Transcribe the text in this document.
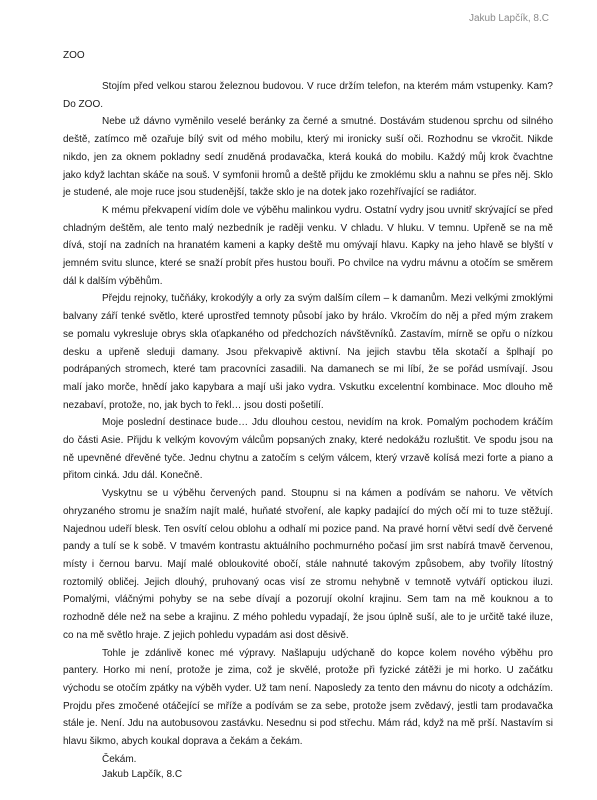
Jakub Lapčík, 8.C
ZOO

Stojím před velkou starou železnou budovou. V ruce držím telefon, na kterém mám vstupenky. Kam? Do ZOO.

Nebe už dávno vyměnilo veselé beránky za černé a smutné. Dostávám studenou sprchu od silného deště, zatímco mě ozařuje bílý svit od mého mobilu, který mi ironicky suší oči. Rozhodnu se vkročit. Nikde nikdo, jen za oknem pokladny sedí znuděná prodavačka, která kouká do mobilu. Každý můj krok čvachtne jako když lachtan skáče na souš. V symfonii hromů a deště přijdu ke zmoklému sklu a nahnu se přes něj. Sklo je studené, ale moje ruce jsou studenější, takže sklo je na dotek jako rozehřívající se radiátor.

K mému překvapení vidím dole ve výběhu malinkou vydru. Ostatní vydry jsou uvnitř skrývající se před chladným deštěm, ale tento malý nezbedník je raději venku. V chladu. V hluku. V temnu. Upřeně se na mě dívá, stojí na zadních na hranatém kameni a kapky deště mu omývají hlavu. Kapky na jeho hlavě se blyští v jemném svitu slunce, které se snaží probít přes hustou bouři. Po chvilce na vydru mávnu a otočím se směrem dál k dalším výběhům.

Přejdu rejnoky, tučňáky, krokodýly a orly za svým dalším cílem – k damanům. Mezi velkými zmoklými balvany září tenké světlo, které uprostřed temnoty působí jako by hrálo. Vkročím do něj a před mým zrakem se pomalu vykresluje obrys skla oťapkaného od předchozích návštěvníků. Zastavím, mírně se opřu o nízkou desku a upřeně sleduji damany. Jsou překvapivě aktivní. Na jejich stavbu těla skotačí a šplhají po podrápaných stromech, které tam pracovníci zasadili. Na damanech se mi líbí, že se pořád usmívají. Jsou malí jako morče, hnědí jako kapybara a mají uši jako vydra. Vskutku excelentní kombinace. Moc dlouho mě nezabaví, protože, no, jak bych to řekl… jsou dosti pošetilí.

Moje poslední destinace bude… Jdu dlouhou cestou, nevidím na krok. Pomalým pochodem kráčím do části Asie. Přijdu k velkým kovovým válcům popsaných znaky, které nedokážu rozluštit. Ve spodu jsou na ně upevněné dřevěné tyče. Jednu chytnu a zatočím s celým válcem, který vrzavě kolísá mezi forte a piano a přitom cinká. Jdu dál. Konečně.

Vyskytnu se u výběhu červených pand. Stoupnu si na kámen a podívám se nahoru. Ve větvích ohryzaného stromu je snažím najít malé, huňaté stvoření, ale kapky padající do mých očí mi to tuze stěžují. Najednou udeří blesk. Ten osvítí celou oblohu a odhalí mi pozice pand. Na pravé horní větvi sedí dvě červené pandy a tulí se k sobě. V tmavém kontrastu aktuálního pochmurného počasí jim srst nabírá tmavě červenou, místy i černou barvu. Mají malé obloukovité obočí, stále nahnuté takovým způsobem, aby tvořily lítostný roztomilý obličej. Jejich dlouhý, pruhovaný ocas visí ze stromu nehybně v temnotě vytváří optickou iluzi. Pomalými, vláčnými pohyby se na sebe dívají a pozorují okolní krajinu. Sem tam na mě kouknou a to rozhodně déle než na sebe a krajinu. Z mého pohledu vypadají, že jsou úplně suší, ale to je určitě také iluze, co na mě světlo hraje. Z jejich pohledu vypadám asi dost děsivě.

Tohle je zdánlivě konec mé výpravy. Našlapuju udýchaně do kopce kolem nového výběhu pro pantery. Horko mi není, protože je zima, což je skvělé, protože při fyzické zátěži je mi horko. U začátku východu se otočím zpátky na výběh vyder. Už tam není. Naposledy za tento den mávnu do nicoty a odcházím. Projdu přes zmočené otáčející se mříže a podívám se za sebe, protože jsem zvědavý, jestli tam prodavačka stále je. Není. Jdu na autobusovou zastávku. Nesednu si pod střechu. Mám rád, když na mě prší. Nastavím si hlavu šikmo, abych koukal doprava a čekám a čekám.

Čekám.

Jakub Lapčík, 8.C
